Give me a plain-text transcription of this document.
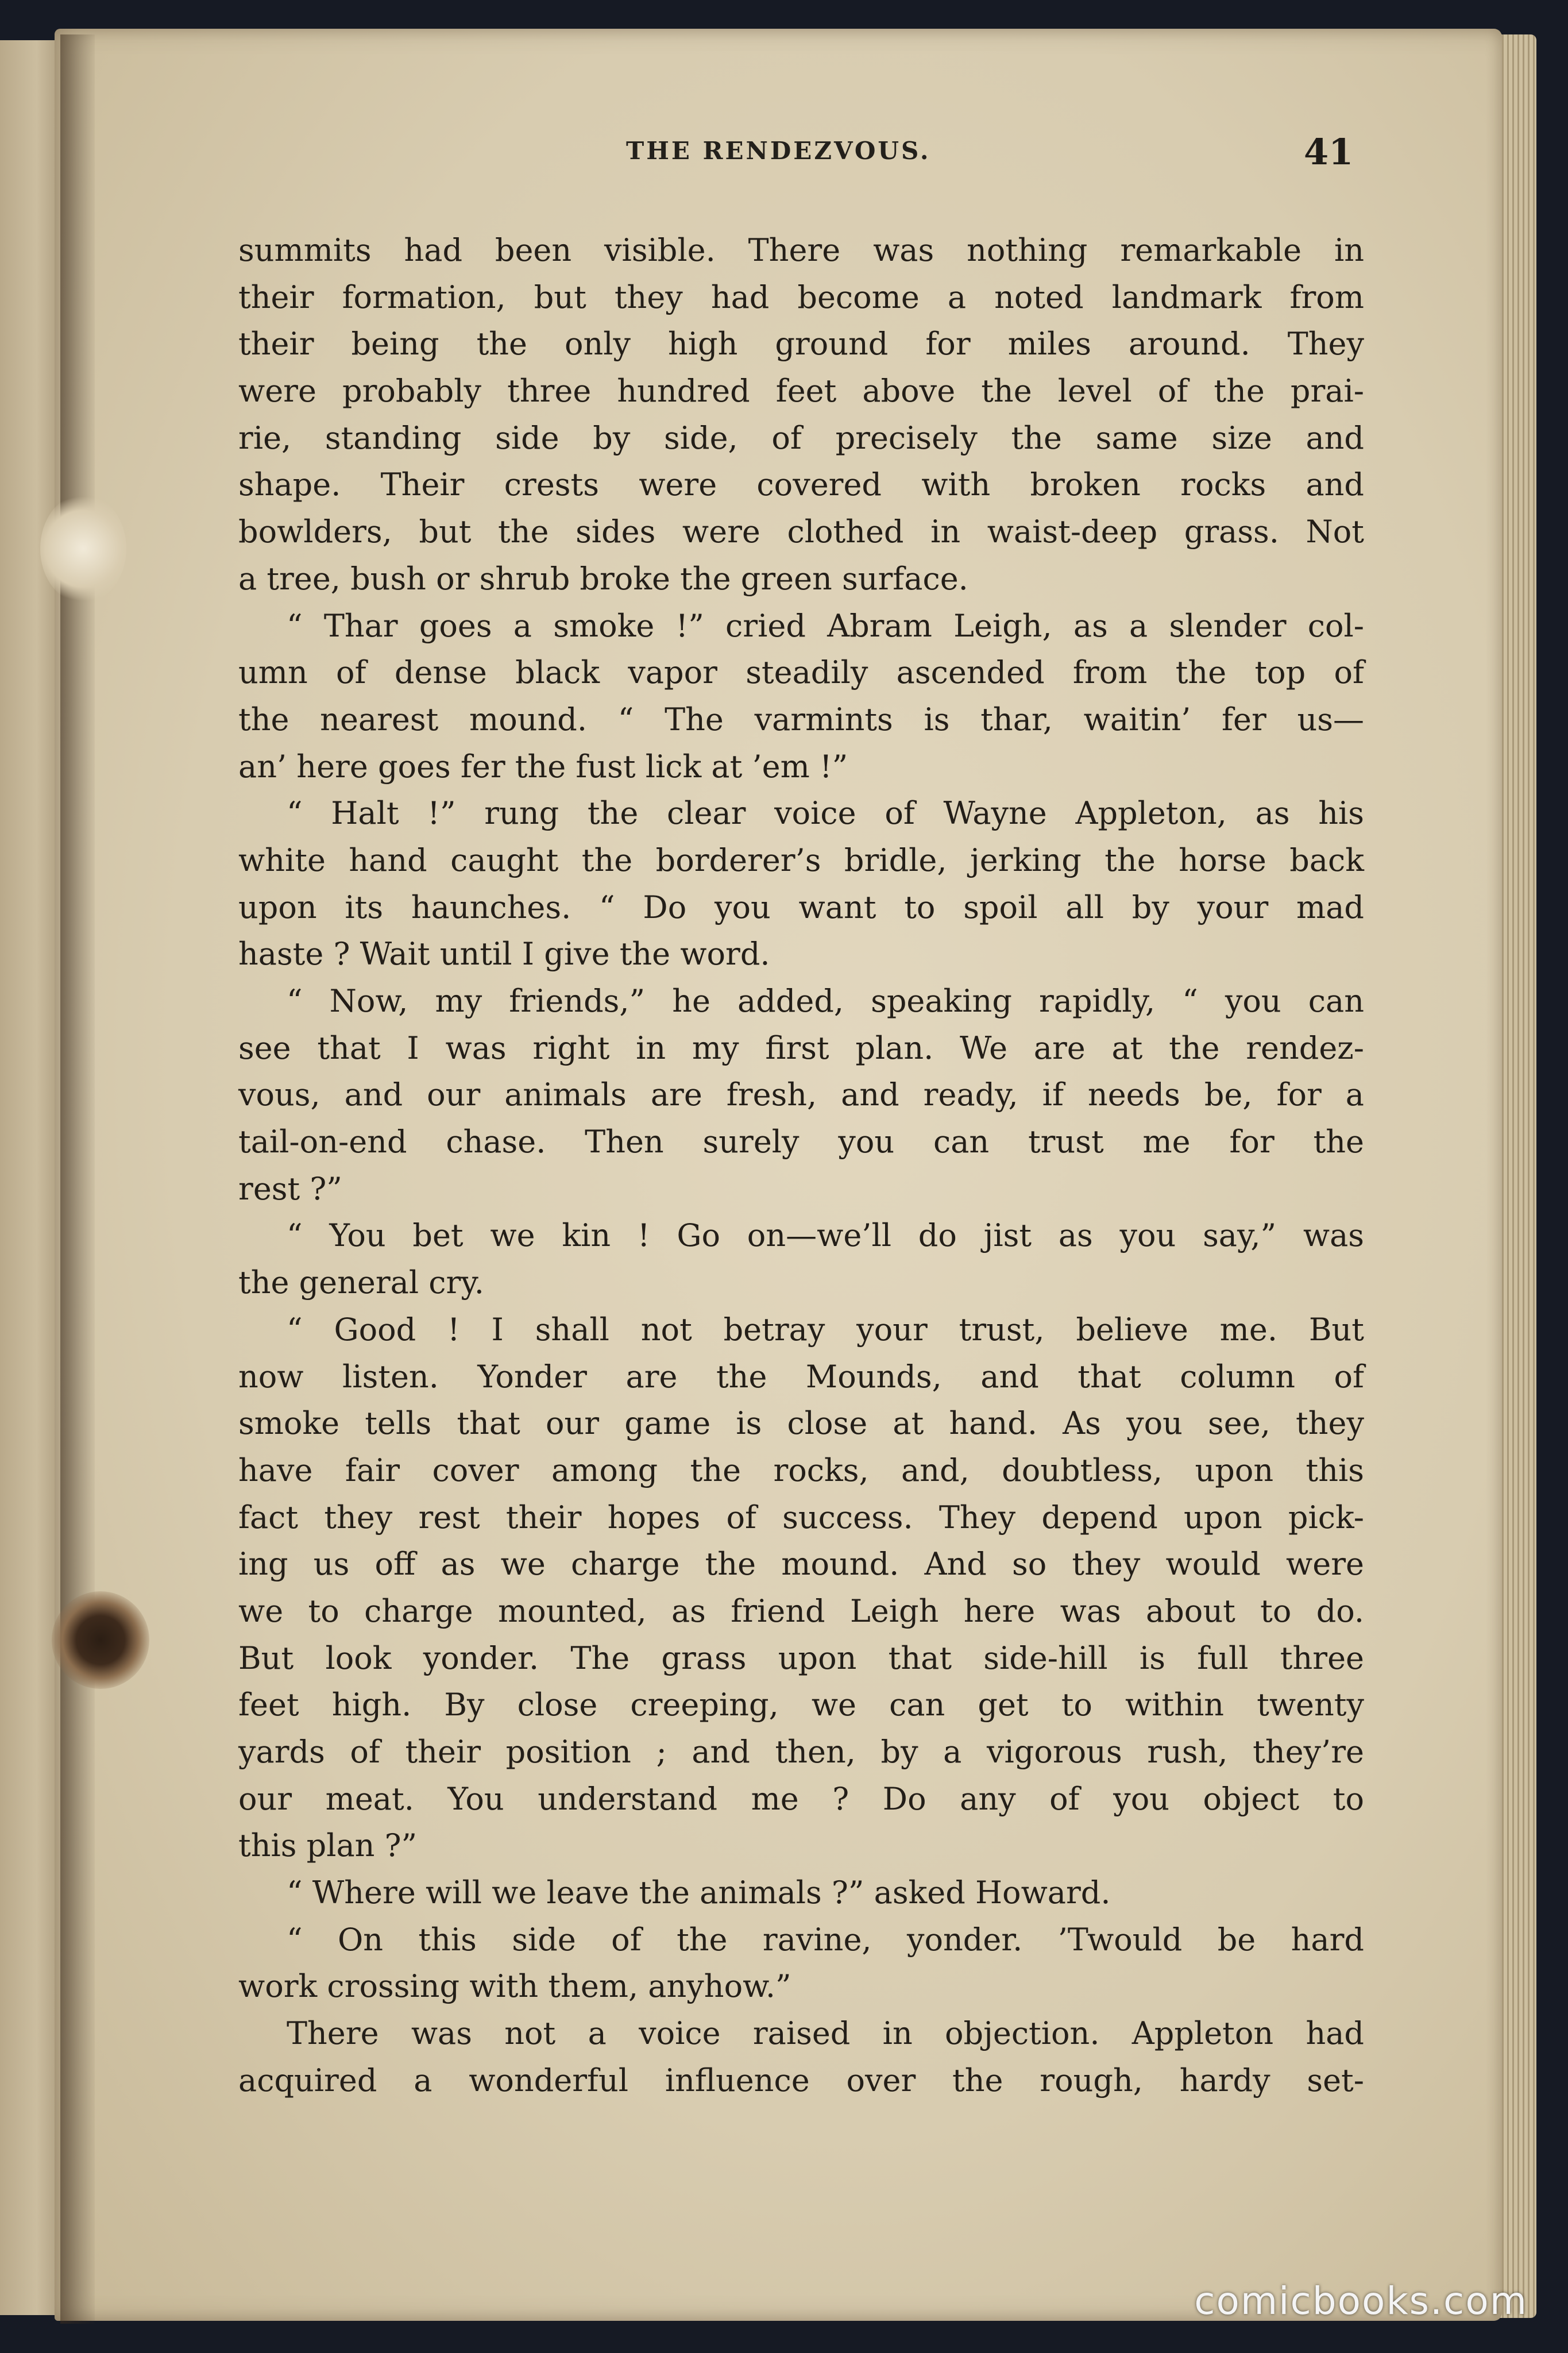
THE RENDEZVOUS.	41
summits had been visible. There was nothing remarkable in
their formation, but they had become a noted landmark from
their being the only high ground for miles around. They
were probably three hundred feet above the level of the prai-
rie, standing side by side, of precisely the same size and
shape. Their crests were covered with broken rocks and
bowlders, but the sides were clothed in waist-deep grass. Not
a tree, bush or shrub broke the green surface.
“ Thar goes a smoke !” cried Abram Leigh, as a slender col-
umn of dense black vapor steadily ascended from the top of
the nearest mound. “ The varmints is thar, waitin’ fer us—
an’ here goes fer the fust lick at ’em !”
“ Halt !” rung the clear voice of Wayne Appleton, as his
white hand caught the borderer’s bridle, jerking the horse back
upon its haunches. “ Do you want to spoil all by your mad
haste ? Wait until I give the word.
“ Now, my friends,” he added, speaking rapidly, “ you can
see that I was right in my first plan. We are at the rendez-
vous, and our animals are fresh, and ready, if needs be, for a
tail-on-end chase. Then surely you can trust me for the
rest ?”
“ You bet we kin ! Go on—we’ll do jist as you say,” was
the general cry.
“ Good ! I shall not betray your trust, believe me. But
now listen. Yonder are the Mounds, and that column of
smoke tells that our game is close at hand. As you see, they
have fair cover among the rocks, and, doubtless, upon this
fact they rest their hopes of success. They depend upon pick-
ing us off as we charge the mound. And so they would were
we to charge mounted, as friend Leigh here was about to do.
But look yonder. The grass upon that side-hill is full three
feet high. By close creeping, we can get to within twenty
yards of their position ; and then, by a vigorous rush, they’re
our meat. You understand me ? Do any of you object to
this plan ?”
“ Where will we leave the animals ?” asked Howard.
“ On this side of the ravine, yonder. ’Twould be hard
work crossing with them, anyhow.”
There was not a voice raised in objection. Appleton had
acquired a wonderful influence over the rough, hardy set-
comicbooks.com
